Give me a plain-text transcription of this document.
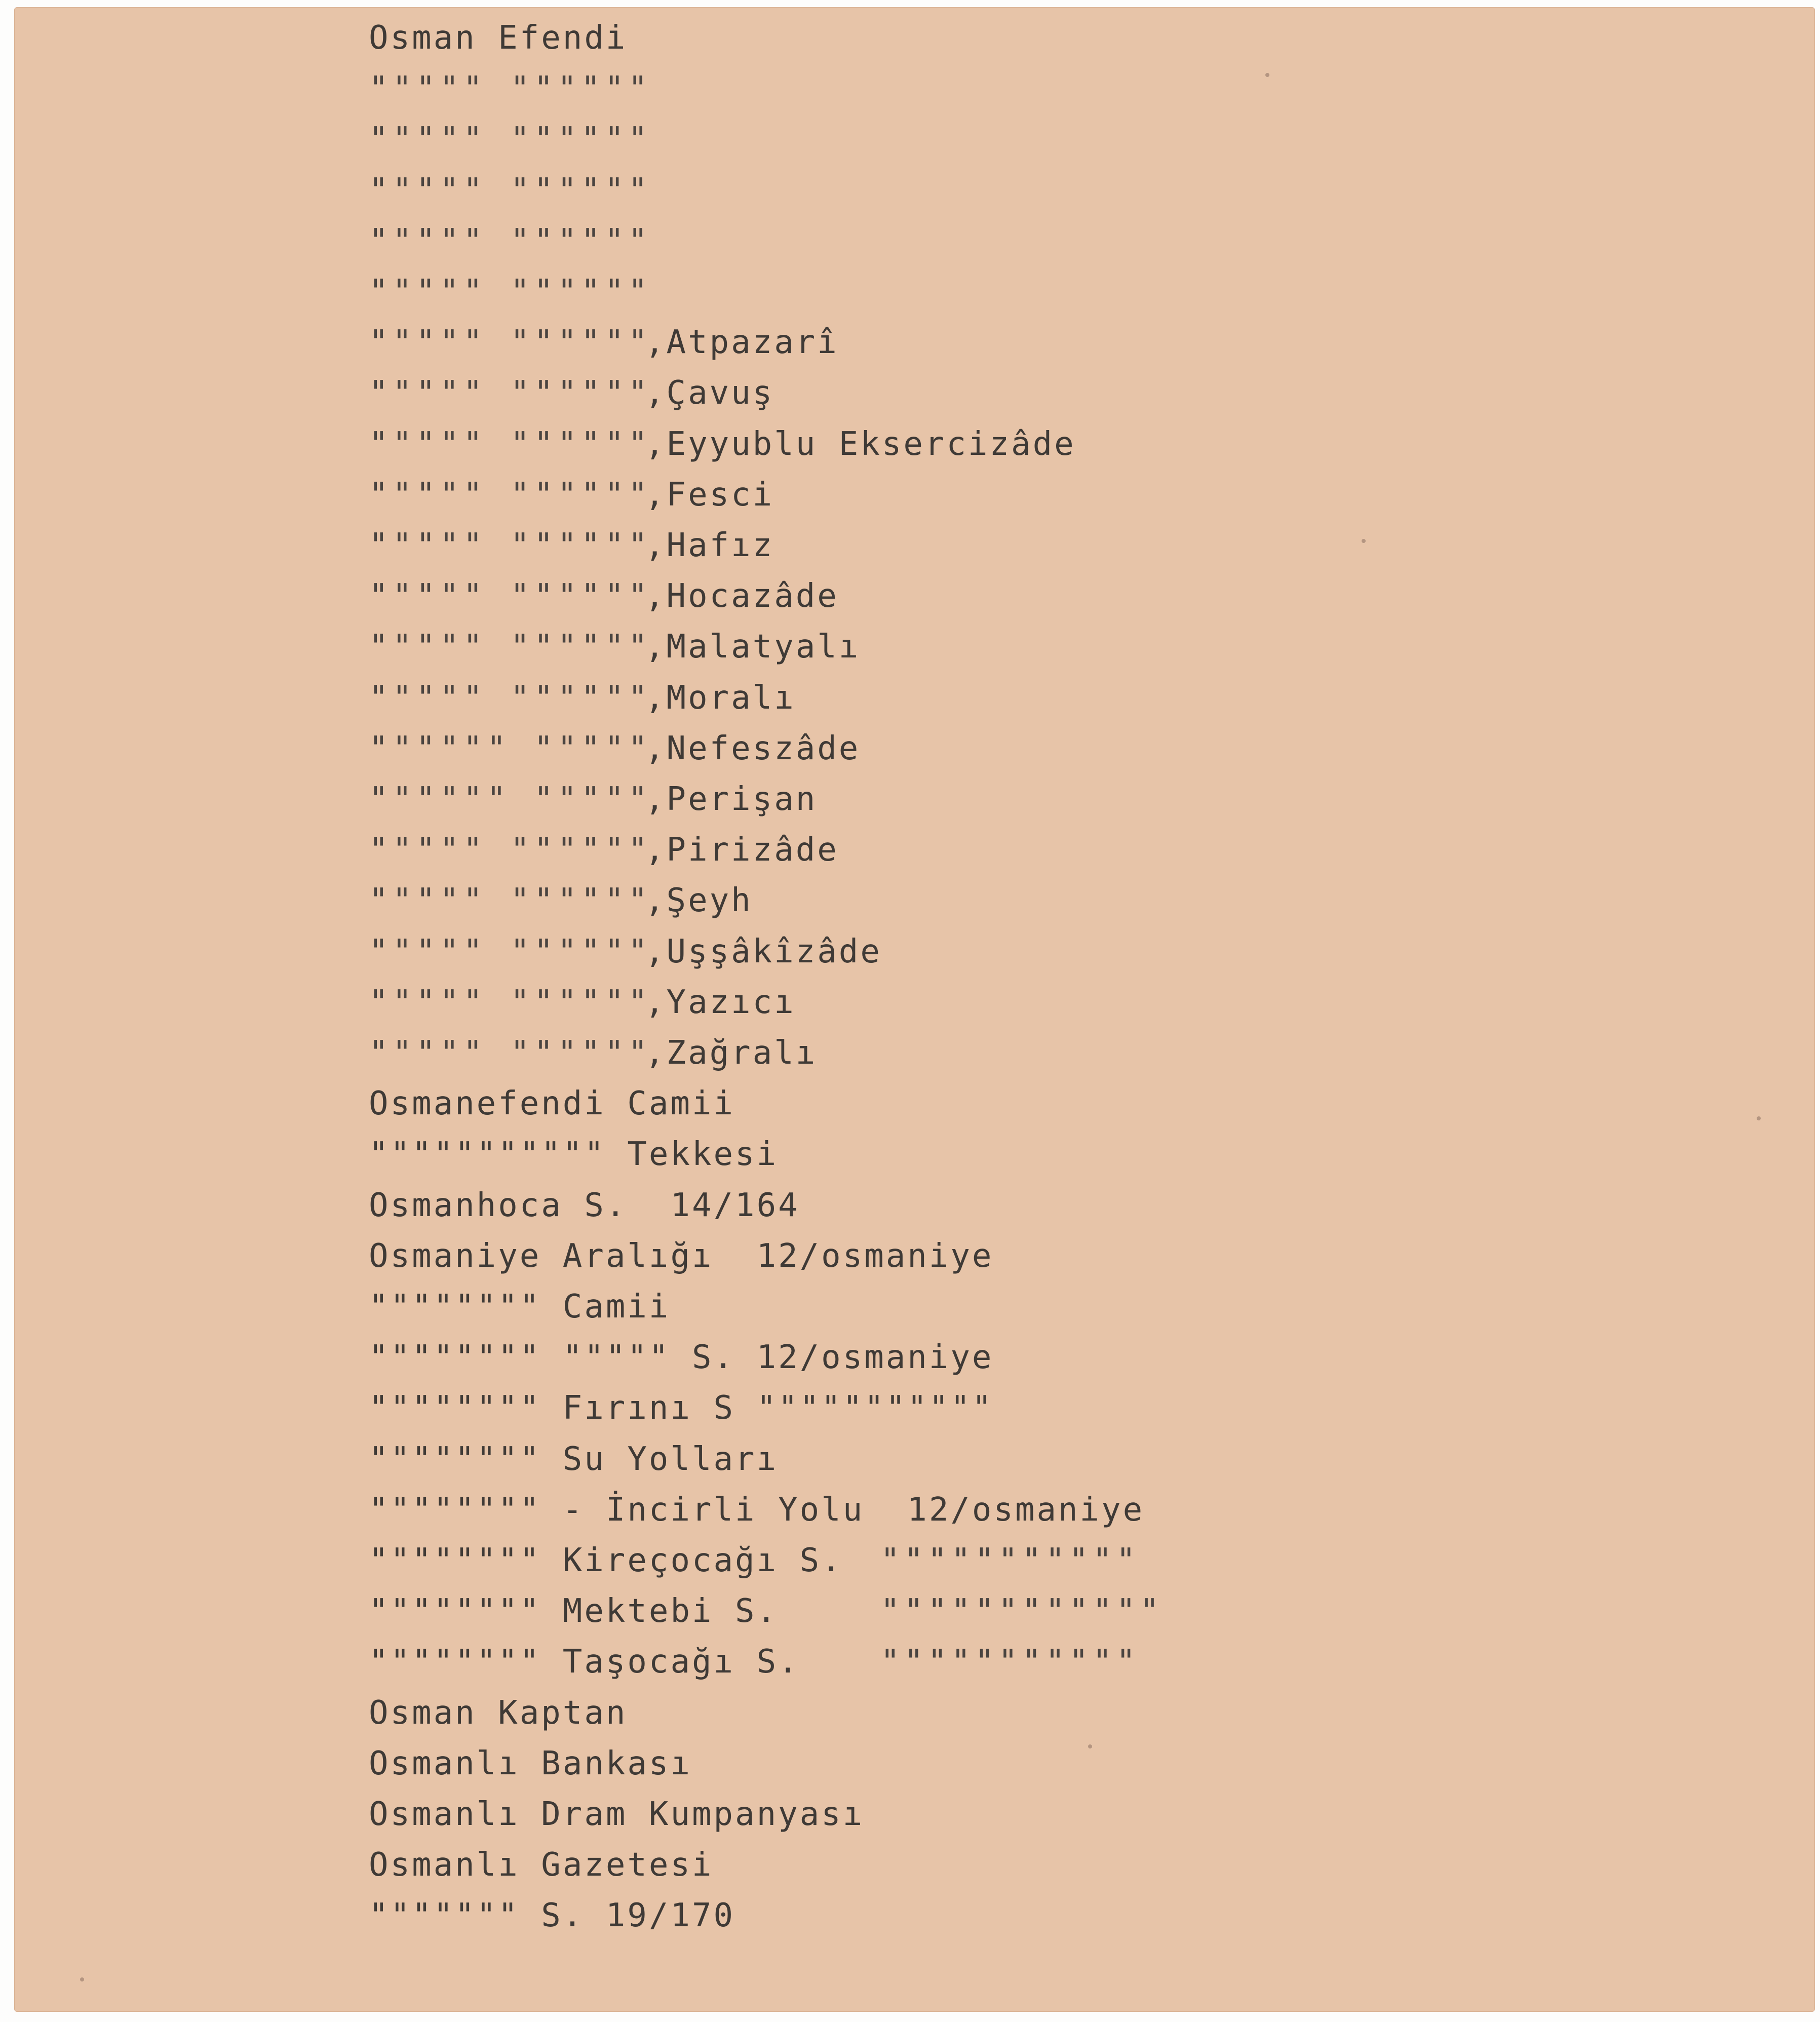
Osman Efendi
""""" """"""
""""" """"""
""""" """"""
""""" """"""
""""" """"""
""""" """"""
,Atpazarî
""""" """"""
,Çavuş
""""" """"""
,Eyyublu Eksercizâde
""""" """"""
,Fesci
""""" """"""
,Hafız
""""" """"""
,Hocazâde
""""" """"""
,Malatyalı
""""" """"""
,Moralı
"""""" """""
,Nefeszâde
"""""" """""
,Perişan
""""" """"""
,Pirizâde
""""" """"""
,Şeyh
""""" """"""
,Uşşâkîzâde
""""" """"""
,Yazıcı
""""" """"""
,Zağralı
Osmanefendi Camii
""""""""""" Tekkesi
Osmanhoca S.  14/164
Osmaniye Aralığı  12/osmaniye
"""""""" Camii
"""""""" """"" S. 12/osmaniye
"""""""" Fırını S """""""""""
"""""""" Su Yolları
"""""""" - İncirli Yolu  12/osmaniye
"""""""" Kireçocağı S. """""""""""
"""""""" Mektebi S.	""""""""""""
"""""""" Taşocağı S. """""""""""
Osman Kaptan
Osmanlı Bankası
Osmanlı Dram Kumpanyası
Osmanlı Gazetesi
""""""" S. 19/170
